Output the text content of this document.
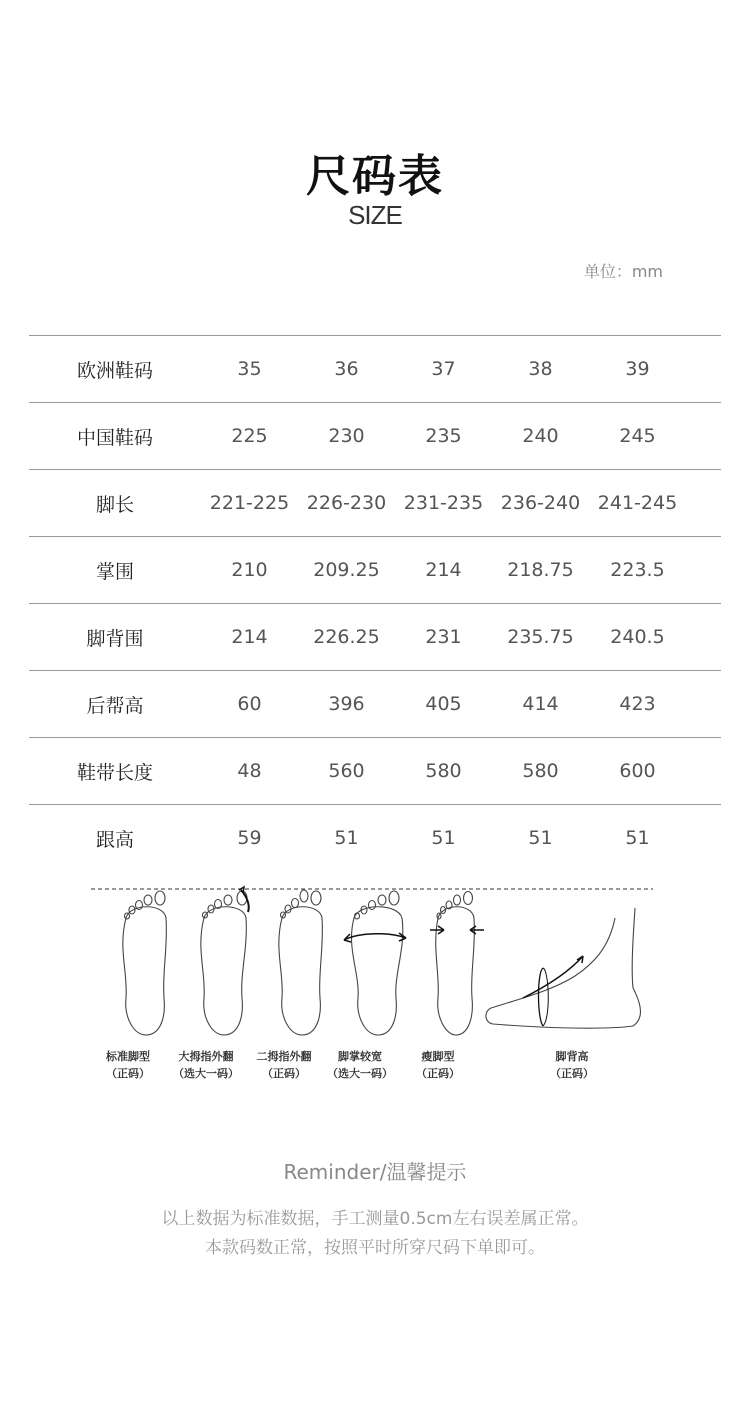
尺码表
SIZE
单位：mm
欧洲鞋码	35	36	37	38	39	
中国鞋码	225	230	235	240	245	
脚长	221-225	226-230	231-235	236-240	241-245	
掌围	210	209.25	214	218.75	223.5	
脚背围	214	226.25	231	235.75	240.5	
后帮高	60	396	405	414	423	
鞋带长度	48	560	580	580	600	
跟高	59	51	51	51	51	
标准脚型
（正码）
大拇指外翻
（选大一码）
二拇指外翻
（正码）
脚掌较宽
（选大一码）
瘦脚型
（正码）
脚背高
（正码）
Reminder/温馨提示
以上数据为标准数据，手工测量0.5cm左右误差属正常。
本款码数正常，按照平时所穿尺码下单即可。
